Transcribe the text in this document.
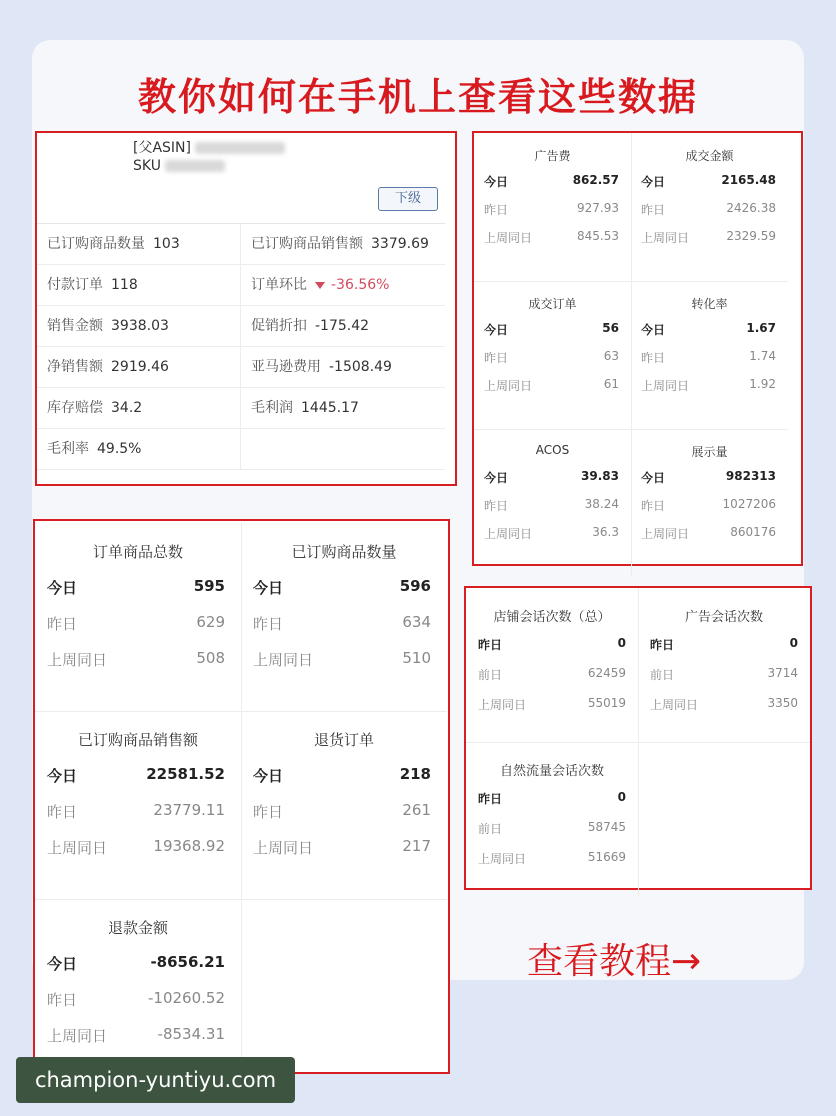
教你如何在手机上查看这些数据
[父ASIN]
SKU
下级
已订购商品数量 103	已订购商品销售额 3379.69
付款订单 118	订单环比 -36.56%
销售金额 3938.03	促销折扣 -175.42
净销售额 2919.46	亚马逊费用 -1508.49
库存赔偿 34.2	毛利润 1445.17
毛利率 49.5%
广告费
今日	862.57
昨日	927.93
上周同日	845.53
成交金额
今日	2165.48
昨日	2426.38
上周同日	2329.59
成交订单
今日	56
昨日	63
上周同日	61
转化率
今日	1.67
昨日	1.74
上周同日	1.92
ACOS
今日	39.83
昨日	38.24
上周同日	36.3
展示量
今日	982313
昨日	1027206
上周同日	860176
订单商品总数
今日	595
昨日	629
上周同日	508
已订购商品数量
今日	596
昨日	634
上周同日	510
已订购商品销售额
今日	22581.52
昨日	23779.11
上周同日	19368.92
退货订单
今日	218
昨日	261
上周同日	217
退款金额
今日	-8656.21
昨日	-10260.52
上周同日	-8534.31
店铺会话次数（总）
昨日	0
前日	62459
上周同日	55019
广告会话次数
昨日	0
前日	3714
上周同日	3350
自然流量会话次数
昨日	0
前日	58745
上周同日	51669
查看教程→
champion-yuntiyu.com
